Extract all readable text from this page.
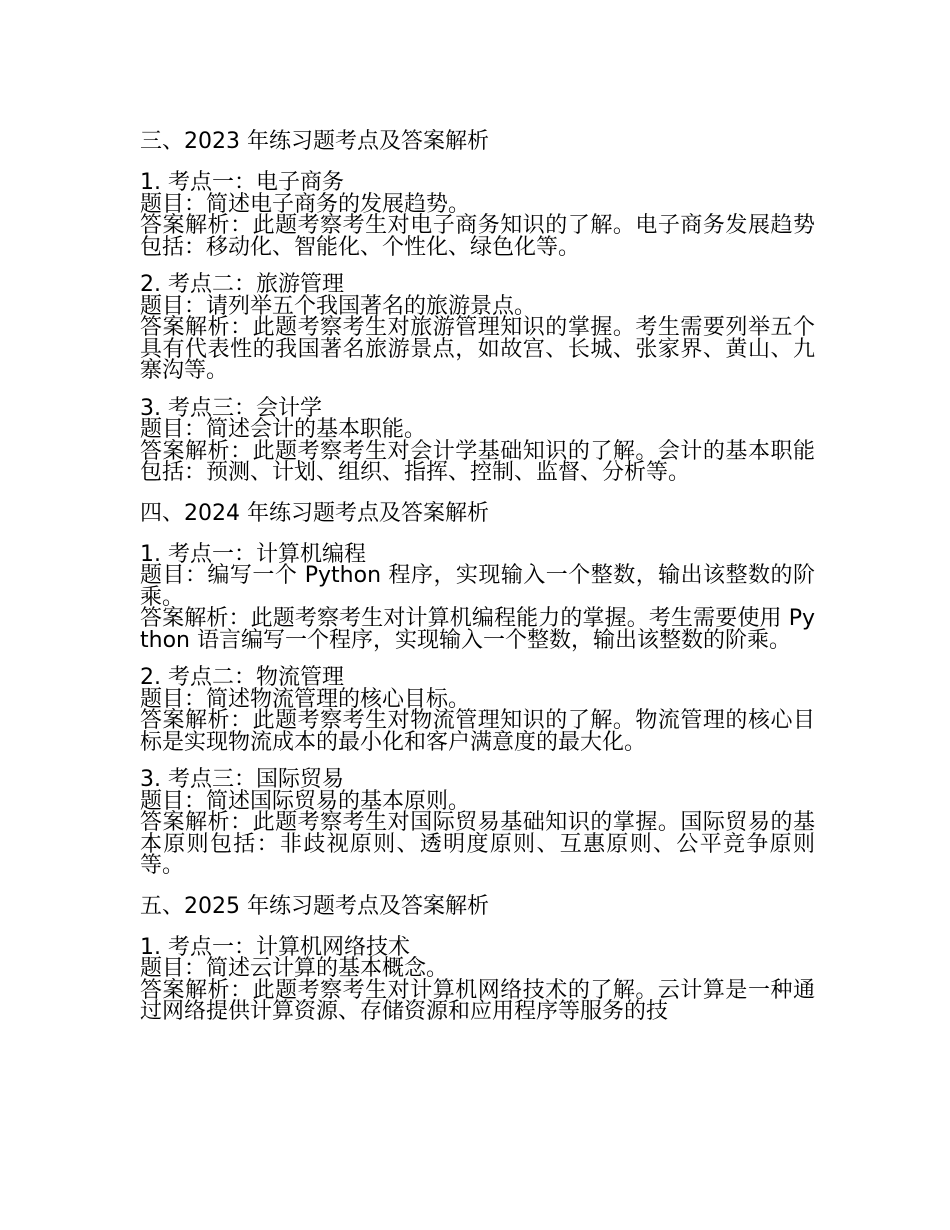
三、2023 年练习题考点及答案解析
1. 考点一：电子商务
题目：简述电子商务的发展趋势。
答案解析：此题考察考生对电子商务知识的了解。电子商务发展趋势包括：移动化、智能化、个性化、绿色化等。
2. 考点二：旅游管理
题目：请列举五个我国著名的旅游景点。
答案解析：此题考察考生对旅游管理知识的掌握。考生需要列举五个具有代表性的我国著名旅游景点，如故宫、长城、张家界、黄山、九寨沟等。
3. 考点三：会计学
题目：简述会计的基本职能。
答案解析：此题考察考生对会计学基础知识的了解。会计的基本职能包括：预测、计划、组织、指挥、控制、监督、分析等。
四、2024 年练习题考点及答案解析
1. 考点一：计算机编程
题目：编写一个 Python 程序，实现输入一个整数，输出该整数的阶乘。
答案解析：此题考察考生对计算机编程能力的掌握。考生需要使用 Python 语言编写一个程序，实现输入一个整数，输出该整数的阶乘。
2. 考点二：物流管理
题目：简述物流管理的核心目标。
答案解析：此题考察考生对物流管理知识的了解。物流管理的核心目标是实现物流成本的最小化和客户满意度的最大化。
3. 考点三：国际贸易
题目：简述国际贸易的基本原则。
答案解析：此题考察考生对国际贸易基础知识的掌握。国际贸易的基本原则包括：非歧视原则、透明度原则、互惠原则、公平竞争原则等。
五、2025 年练习题考点及答案解析
1. 考点一：计算机网络技术
题目：简述云计算的基本概念。
答案解析：此题考察考生对计算机网络技术的了解。云计算是一种通过网络提供计算资源、存储资源和应用程序等服务的技
